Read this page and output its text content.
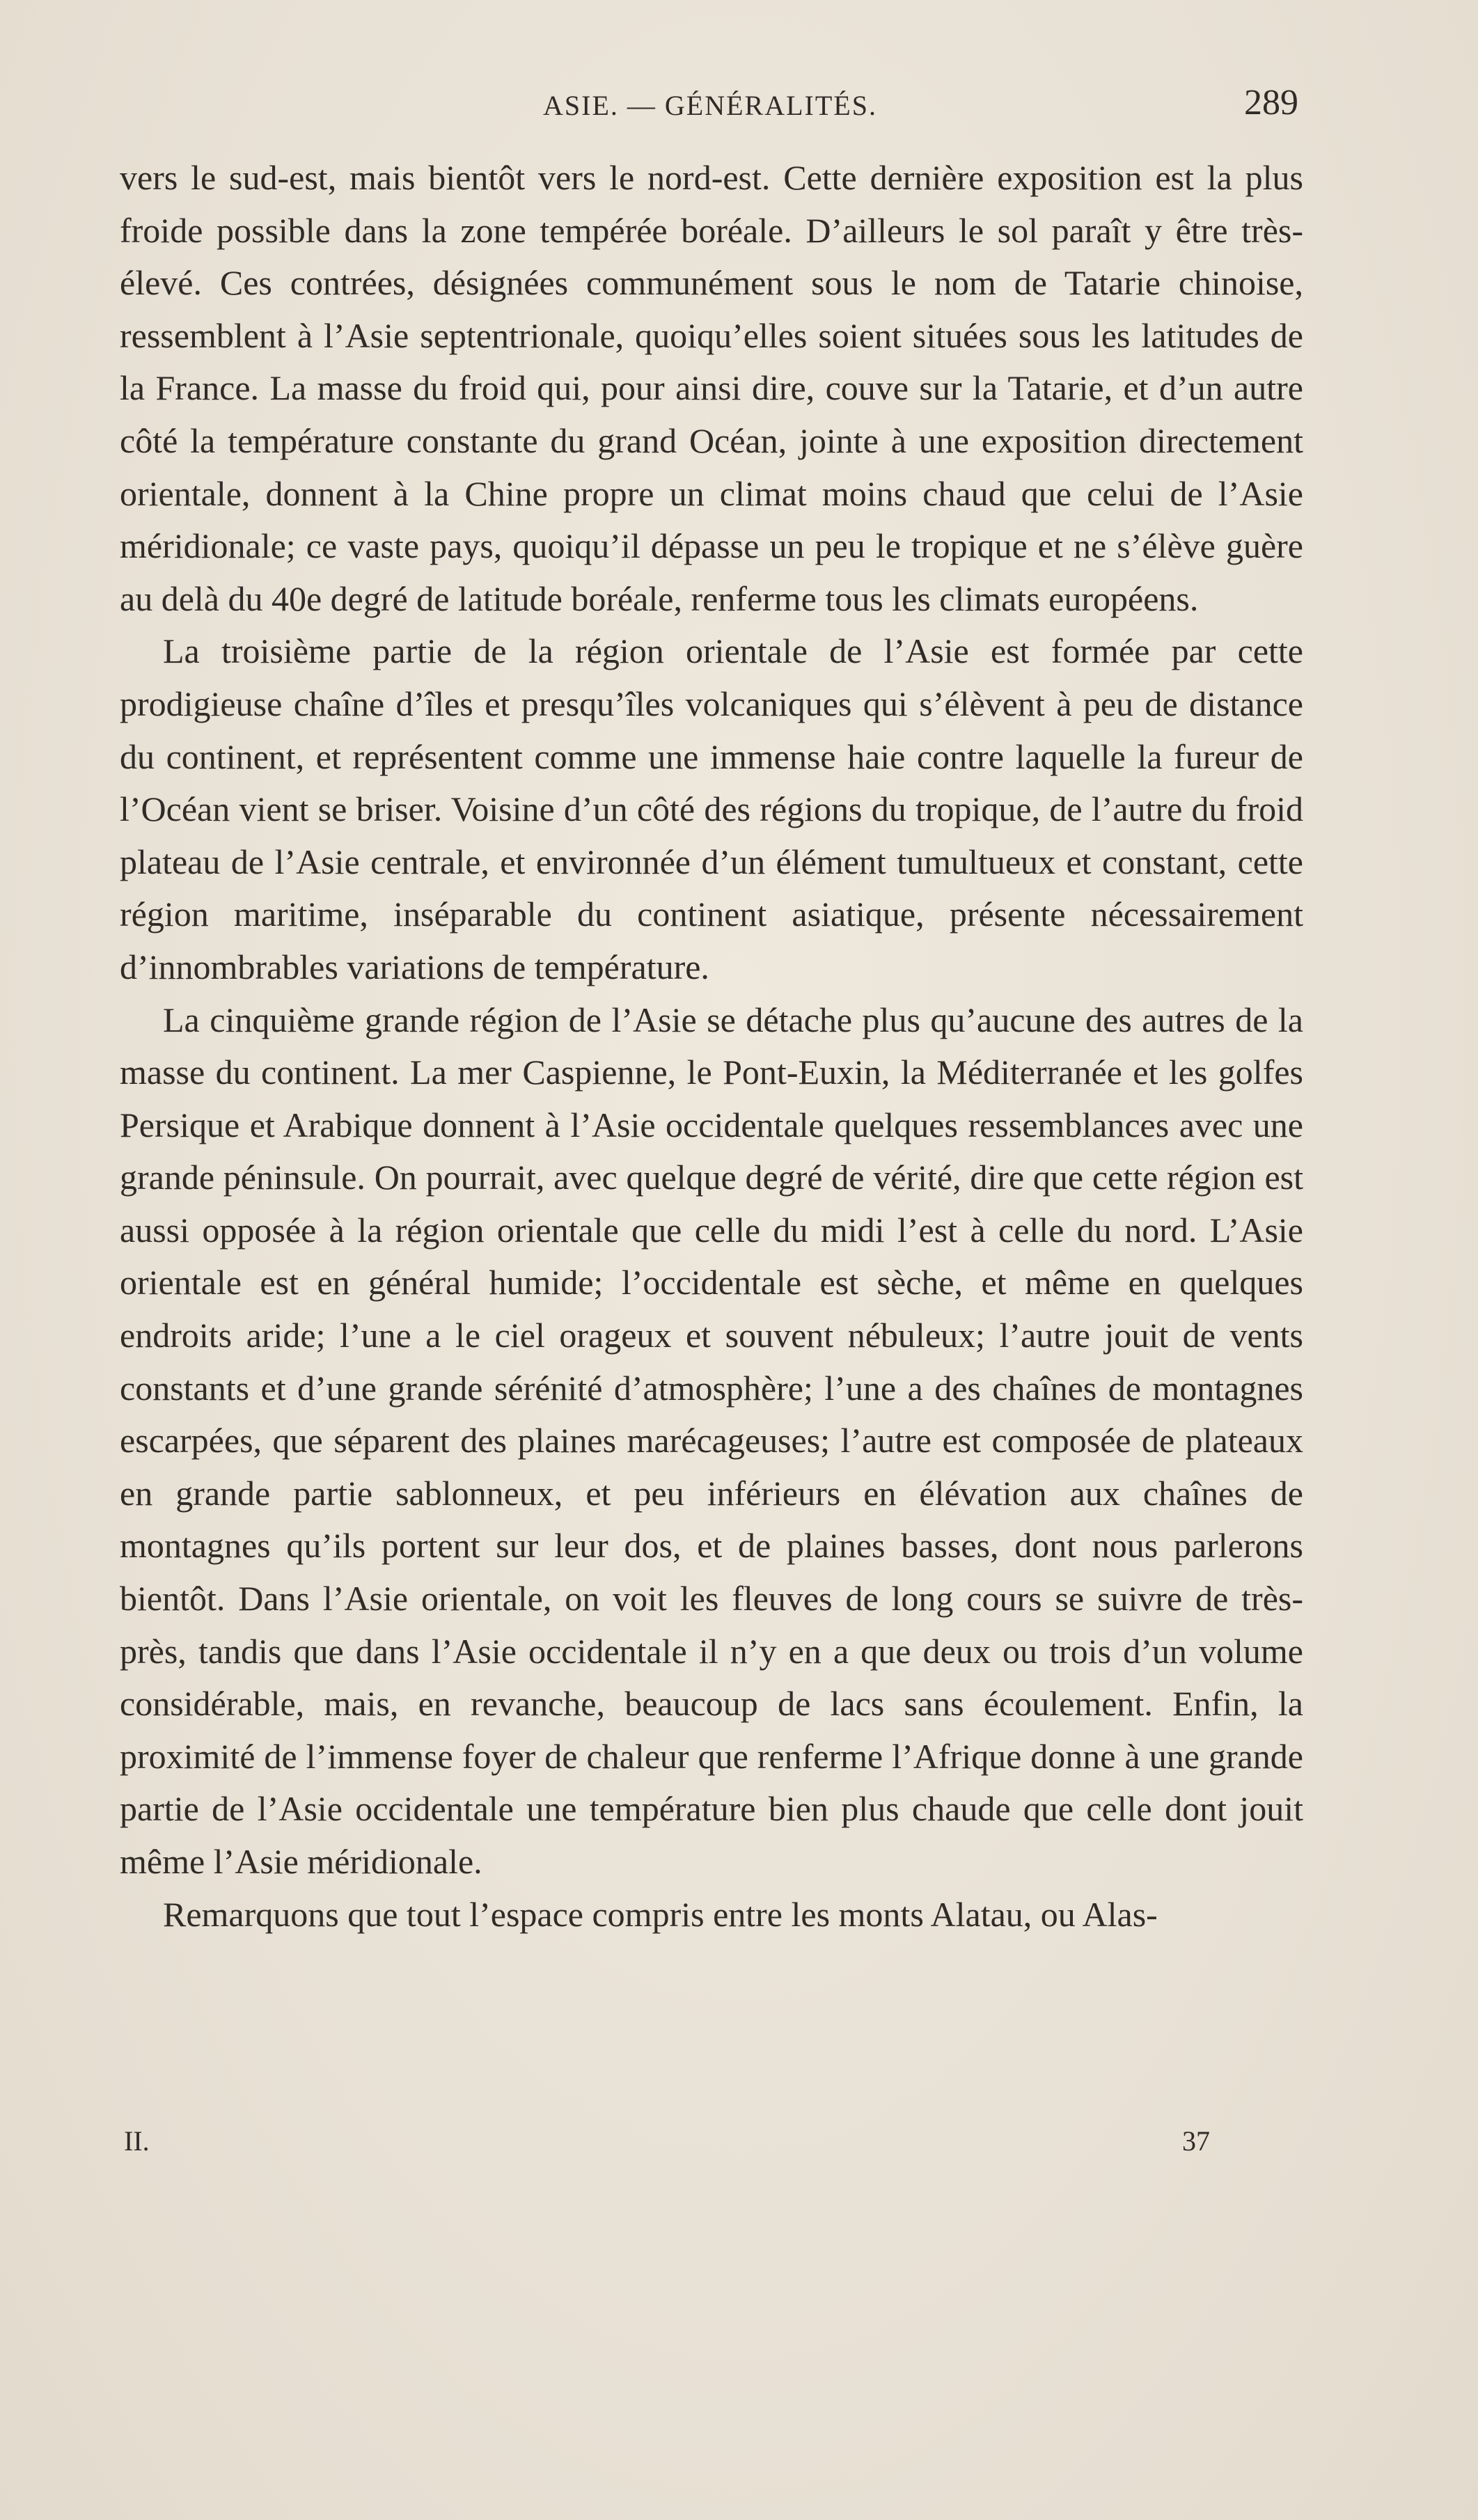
ASIE. — GÉNÉRALITÉS.	289

vers le sud-est, mais bientôt vers le nord-est. Cette dernière exposition est la plus froide possible dans la zone tempérée boréale. D’ailleurs le sol paraît y être très-élevé. Ces contrées, désignées communément sous le nom de Tatarie chinoise, ressemblent à l’Asie septentrionale, quoiqu’elles soient situées sous les latitudes de la France. La masse du froid qui, pour ainsi dire, couve sur la Tatarie, et d’un autre côté la température constante du grand Océan, jointe à une exposition directement orientale, donnent à la Chine propre un climat moins chaud que celui de l’Asie méridionale; ce vaste pays, quoiqu’il dépasse un peu le tropique et ne s’élève guère au delà du 40e degré de latitude boréale, renferme tous les climats européens.

La troisième partie de la région orientale de l’Asie est formée par cette prodigieuse chaîne d’îles et presqu’îles volcaniques qui s’élèvent à peu de distance du continent, et représentent comme une immense haie contre laquelle la fureur de l’Océan vient se briser. Voisine d’un côté des régions du tropique, de l’autre du froid plateau de l’Asie centrale, et environnée d’un élément tumultueux et constant, cette région maritime, inséparable du continent asiatique, présente nécessairement d’innombrables variations de température.

La cinquième grande région de l’Asie se détache plus qu’aucune des autres de la masse du continent. La mer Caspienne, le Pont-Euxin, la Méditerranée et les golfes Persique et Arabique donnent à l’Asie occidentale quelques ressemblances avec une grande péninsule. On pourrait, avec quelque degré de vérité, dire que cette région est aussi opposée à la région orientale que celle du midi l’est à celle du nord. L’Asie orientale est en général humide; l’occidentale est sèche, et même en quelques endroits aride; l’une a le ciel orageux et souvent nébuleux; l’autre jouit de vents constants et d’une grande sérénité d’atmosphère; l’une a des chaînes de montagnes escarpées, que séparent des plaines marécageuses; l’autre est composée de plateaux en grande partie sablonneux, et peu inférieurs en élévation aux chaînes de montagnes qu’ils portent sur leur dos, et de plaines basses, dont nous parlerons bientôt. Dans l’Asie orientale, on voit les fleuves de long cours se suivre de très-près, tandis que dans l’Asie occidentale il n’y en a que deux ou trois d’un volume considérable, mais, en revanche, beaucoup de lacs sans écoulement. Enfin, la proximité de l’immense foyer de chaleur que renferme l’Afrique donne à une grande partie de l’Asie occidentale une température bien plus chaude que celle dont jouit même l’Asie méridionale.

Remarquons que tout l’espace compris entre les monts Alatau, ou Alas-

II.	37
